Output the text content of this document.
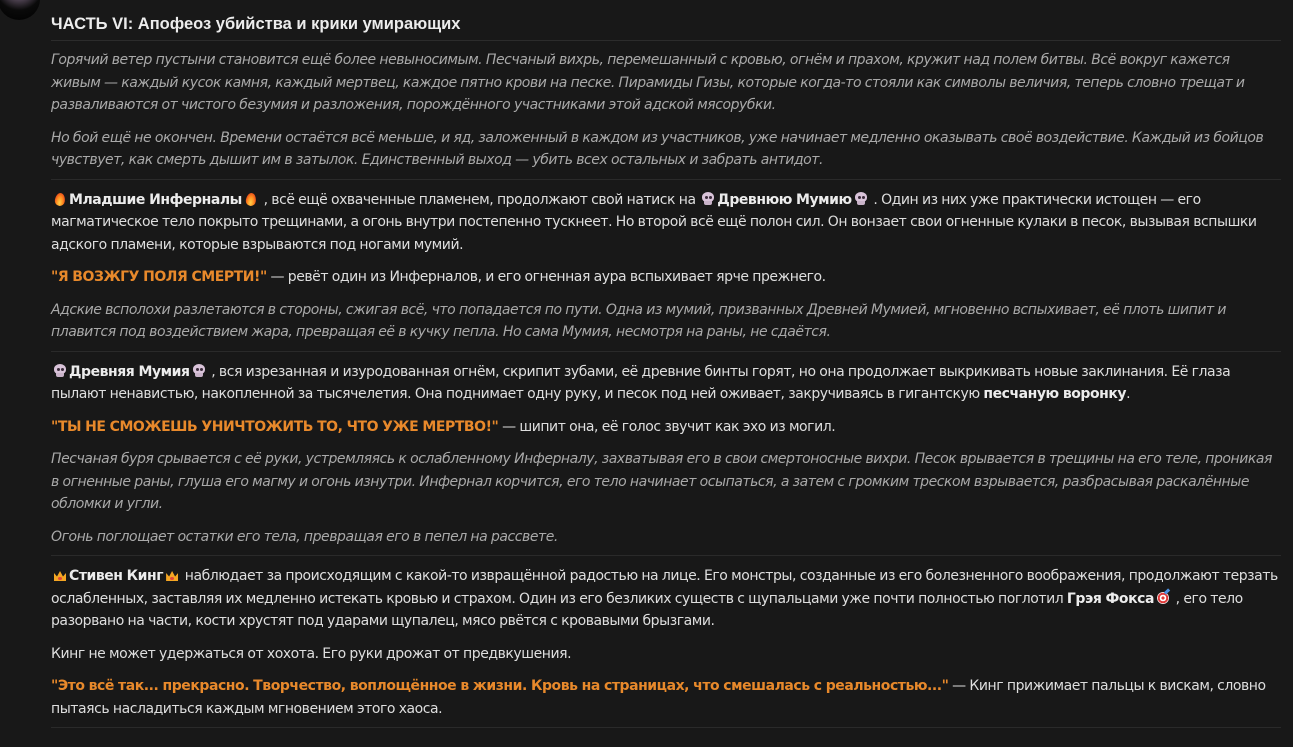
ЧАСТЬ VI: Апофеоз убийства и крики умирающих

Горячий ветер пустыни становится ещё более невыносимым. Песчаный вихрь, перемешанный с кровью, огнём и прахом, кружит над полем битвы. Всё вокруг кажется живым — каждый кусок камня, каждый мертвец, каждое пятно крови на песке. Пирамиды Гизы, которые когда-то стояли как символы величия, теперь словно трещат и разваливаются от чистого безумия и разложения, порождённого участниками этой адской мясорубки.

Но бой ещё не окончен. Времени остаётся всё меньше, и яд, заложенный в каждом из участников, уже начинает медленно оказывать своё воздействие. Каждый из бойцов чувствует, как смерть дышит им в затылок. Единственный выход — убить всех остальных и забрать антидот.

Младшие Инферналы , всё ещё охваченные пламенем, продолжают свой натиск на
Древнюю Мумию
. Один из них уже практически истощен — его магматическое тело покрыто трещинами, а огонь внутри постепенно тускнеет. Но второй всё ещё полон сил. Он вонзает свои огненные кулаки в песок, вызывая вспышки адского пламени, которые взрываются под ногами мумий.

"Я ВОЗЖГУ ПОЛЯ СМЕРТИ!" — ревёт один из Инферналов, и его огненная аура вспыхивает ярче прежнего.

Адские всполохи разлетаются в стороны, сжигая всё, что попадается по пути. Одна из мумий, призванных Древней Мумией, мгновенно вспыхивает, её плоть шипит и плавится под воздействием жара, превращая её в кучку пепла. Но сама Мумия, несмотря на раны, не сдаётся.

Древняя Мумия
, вся изрезанная и изуродованная огнём, скрипит зубами, её древние бинты горят, но она продолжает выкрикивать новые заклинания. Её глаза пылают ненавистью, накопленной за тысячелетия. Она поднимает одну руку, и песок под ней оживает, закручиваясь в гигантскую песчаную воронку.

"ТЫ НЕ СМОЖЕШЬ УНИЧТОЖИТЬ ТО, ЧТО УЖЕ МЕРТВО!" — шипит она, её голос звучит как эхо из могил.

Песчаная буря срывается с её руки, устремляясь к ослабленному Инферналу, захватывая его в свои смертоносные вихри. Песок врывается в трещины на его теле, проникая в огненные раны, глуша его магму и огонь изнутри. Инфернал корчится, его тело начинает осыпаться, а затем с громким треском взрывается, разбрасывая раскалённые обломки и угли.

Огонь поглощает остатки его тела, превращая его в пепел на рассвете.

Стивен Кинг наблюдает за происходящим с какой-то извращённой радостью на лице. Его монстры, созданные из его болезненного воображения, продолжают терзать ослабленных, заставляя их медленно истекать кровью и страхом. Один из его безликих существ с щупальцами уже почти полностью поглотил Грэя Фокса , его тело разорвано на части, кости хрустят под ударами щупалец, мясо рвётся с кровавыми брызгами.

Кинг не может удержаться от хохота. Его руки дрожат от предвкушения.

"Это всё так... прекрасно. Творчество, воплощённое в жизни. Кровь на страницах, что смешалась с реальностью..." — Кинг прижимает пальцы к вискам, словно пытаясь насладиться каждым мгновением этого хаоса.
